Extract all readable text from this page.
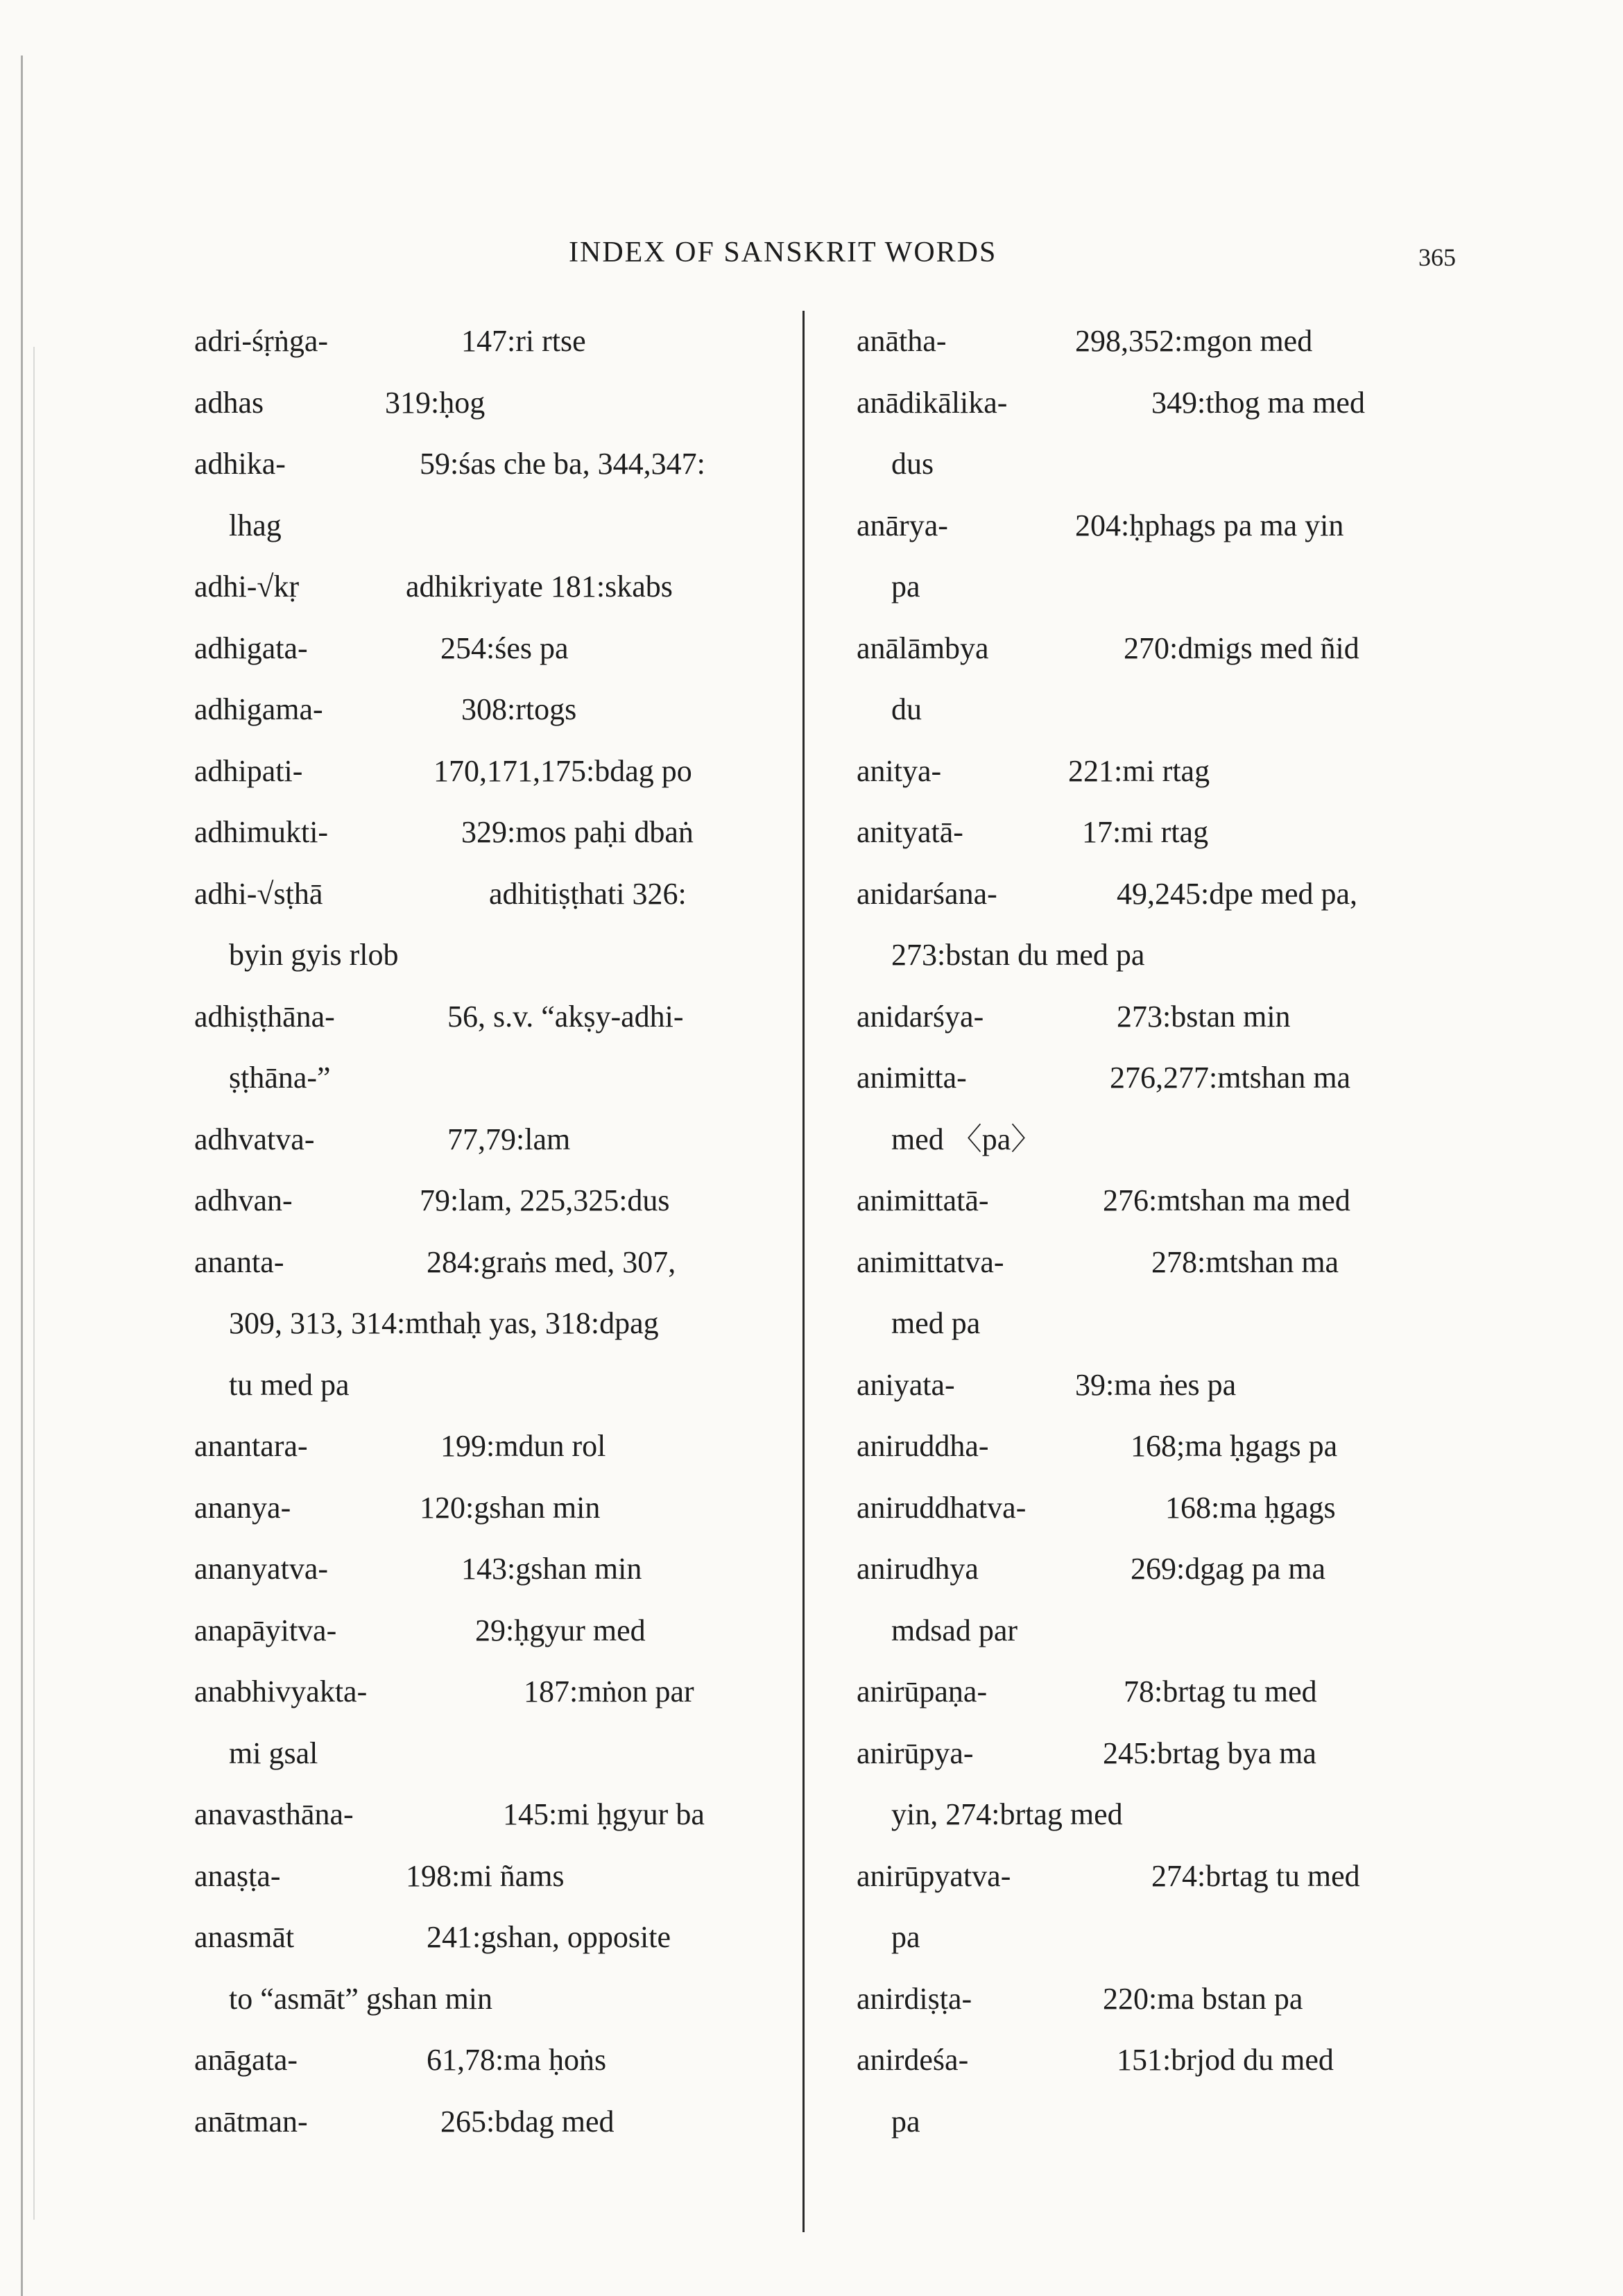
INDEX OF SANSKRIT WORDS	365
adri-śṛṅga-	147:ri rtse
adhas	319:ḥog
adhika-	59:śas che ba, 344,347:
lhag
adhi-√kṛ	adhikriyate 181:skabs
adhigata-	254:śes pa
adhigama-	308:rtogs
adhipati-	170,171,175:bdag po
adhimukti-	329:mos paḥi dbaṅ
adhi-√sṭhā	adhitiṣṭhati 326:
byin gyis rlob
adhiṣṭhāna-	56, s.v. “akṣy-adhi-
ṣṭhāna-”
adhvatva-	77,79:lam
adhvan-	79:lam, 225,325:dus
ananta-	284:graṅs med, 307,
309, 313, 314:mthaḥ yas, 318:dpag
tu med pa
anantara-	199:mdun rol
ananya-	120:gshan min
ananyatva-	143:gshan min
anapāyitva-	29:ḥgyur med
anabhivyakta-	187:mṅon par
mi gsal
anavasthāna-	145:mi ḥgyur ba
anaṣṭa-	198:mi ñams
anasmāt	241:gshan, opposite
to “asmāt” gshan min
anāgata-	61,78:ma ḥoṅs
anātman-	265:bdag med
anātha-	298,352:mgon med
anādikālika-	349:thog ma med
dus
anārya-	204:ḥphags pa ma yin
pa
anālāmbya	270:dmigs med ñid
du
anitya-	221:mi rtag
anityatā-	17:mi rtag
anidarśana-	49,245:dpe med pa,
273:bstan du med pa
anidarśya-	273:bstan min
animitta-	276,277:mtshan ma
med 〈pa〉
animittatā-	276:mtshan ma med
animittatva-	278:mtshan ma
med pa
aniyata-	39:ma ṅes pa
aniruddha-	168;ma ḥgags pa
aniruddhatva-	168:ma ḥgags
anirudhya	269:dgag pa ma
mdsad par
anirūpaṇa-	78:brtag tu med
anirūpya-	245:brtag bya ma
yin, 274:brtag med
anirūpyatva-	274:brtag tu med
pa
anirdiṣṭa-	220:ma bstan pa
anirdeśa-	151:brjod du med
pa
